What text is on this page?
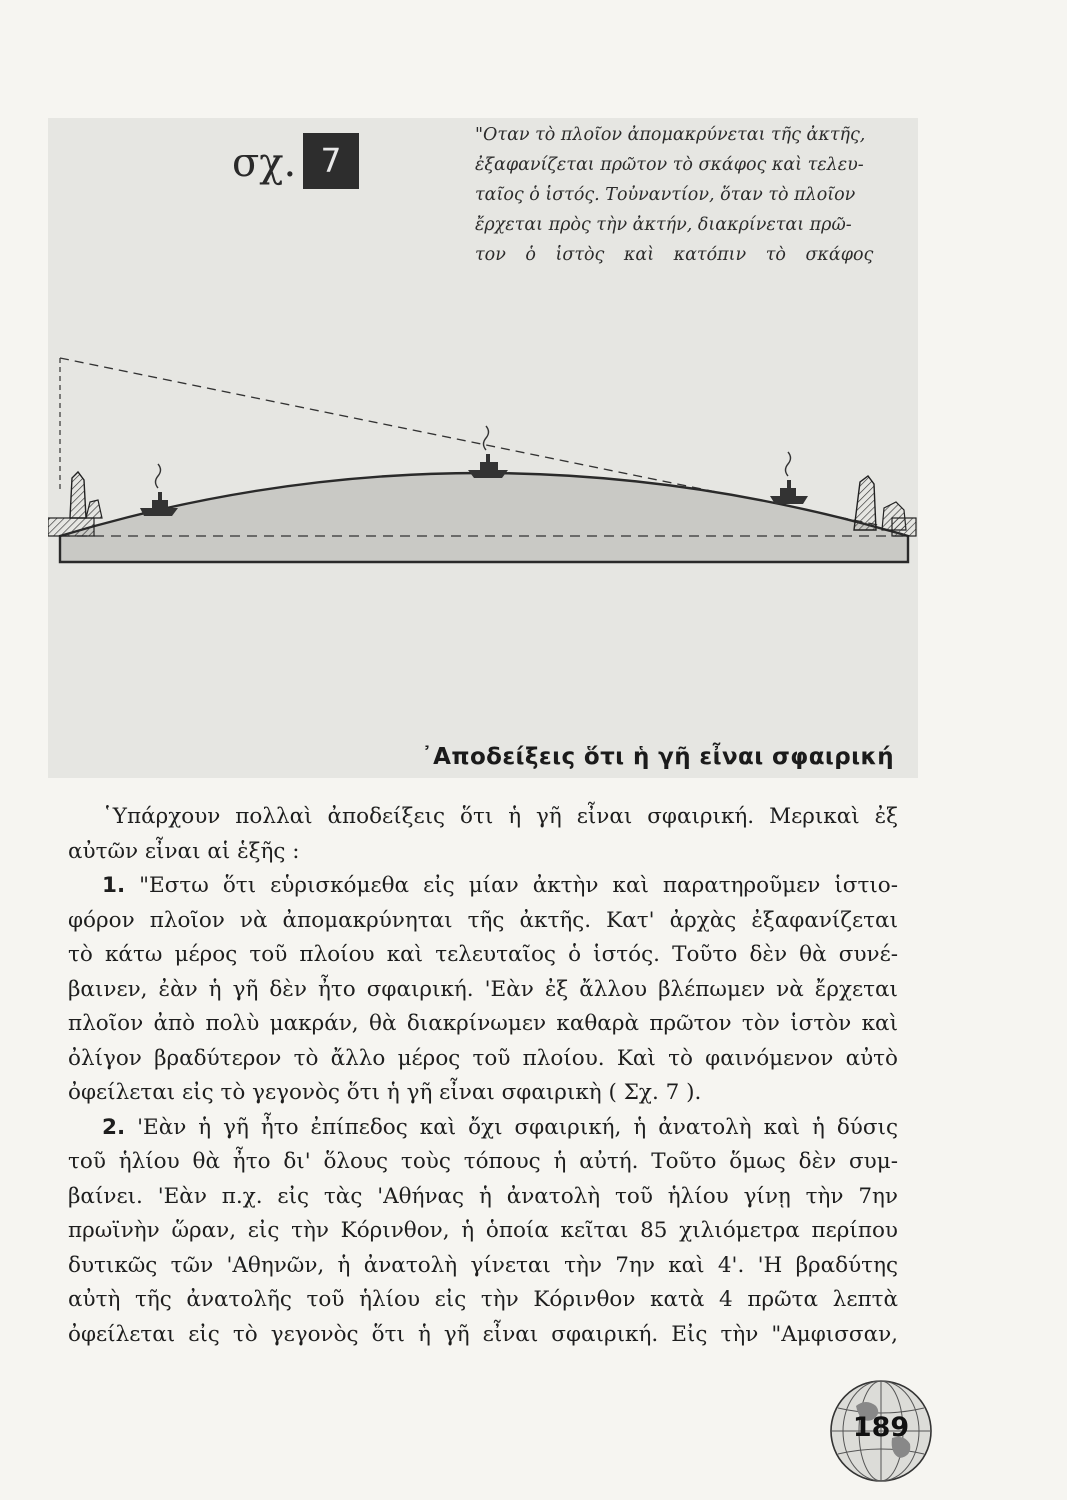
σχ. 7
"Οταν τὸ πλοῖον ἀπομακρύνεται τῆς ἀκτῆς,
ἐξαφανίζεται πρῶτον τὸ σκάφος καὶ τελευ-
ταῖος ὁ ἱστός. Τοὐναντίον, ὅταν τὸ πλοῖον
ἔρχεται πρὸς τὴν ἀκτήν, διακρίνεται πρῶ-
τον ὁ ἱστὸς καὶ κατόπιν τὸ σκάφος
᾿Αποδείξεις ὅτι ἡ γῆ εἶναι σφαιρική
῾Υπάρχουν πολλαὶ ἀποδείξεις ὅτι ἡ γῆ εἶναι σφαιρική. Μερικαὶ ἐξ
αὐτῶν εἶναι αἱ ἑξῆς :
1. "Εστω ὅτι εὑρισκόμεθα εἰς μίαν ἀκτὴν καὶ παρατηροῦμεν ἱστιο-
φόρον πλοῖον νὰ ἀπομακρύνηται τῆς ἀκτῆς. Κατ' ἀρχὰς ἐξαφανίζεται
τὸ κάτω μέρος τοῦ πλοίου καὶ τελευταῖος ὁ ἱστός. Τοῦτο δὲν θὰ συνέ-
βαινεν, ἐὰν ἡ γῆ δὲν ἦτο σφαιρική. 'Εὰν ἐξ ἄλλου βλέπωμεν νὰ ἔρχεται
πλοῖον ἀπὸ πολὺ μακράν, θὰ διακρίνωμεν καθαρὰ πρῶτον τὸν ἱστὸν καὶ
ὀλίγον βραδύτερον τὸ ἄλλο μέρος τοῦ πλοίου. Καὶ τὸ φαινόμενον αὐτὸ
ὀφείλεται εἰς τὸ γεγονὸς ὅτι ἡ γῆ εἶναι σφαιρικὴ ( Σχ. 7 ).
2. 'Εὰν ἡ γῆ ἦτο ἐπίπεδος καὶ ὄχι σφαιρική, ἡ ἀνατολὴ καὶ ἡ δύσις
τοῦ ἡλίου θὰ ἦτο δι' ὅλους τοὺς τόπους ἡ αὐτή. Τοῦτο ὅμως δὲν συμ-
βαίνει. 'Εὰν π.χ. εἰς τὰς 'Αθήνας ἡ ἀνατολὴ τοῦ ἡλίου γίνῃ τὴν 7ην
πρωϊνὴν ὥραν, εἰς τὴν Κόρινθον, ἡ ὁποία κεῖται 85 χιλιόμετρα περίπου
δυτικῶς τῶν 'Αθηνῶν, ἡ ἀνατολὴ γίνεται τὴν 7ην καὶ 4'. 'Η βραδύτης
αὐτὴ τῆς ἀνατολῆς τοῦ ἡλίου εἰς τὴν Κόρινθον κατὰ 4 πρῶτα λεπτὰ
ὀφείλεται εἰς τὸ γεγονὸς ὅτι ἡ γῆ εἶναι σφαιρική. Εἰς τὴν "Αμφισσαν,
189
